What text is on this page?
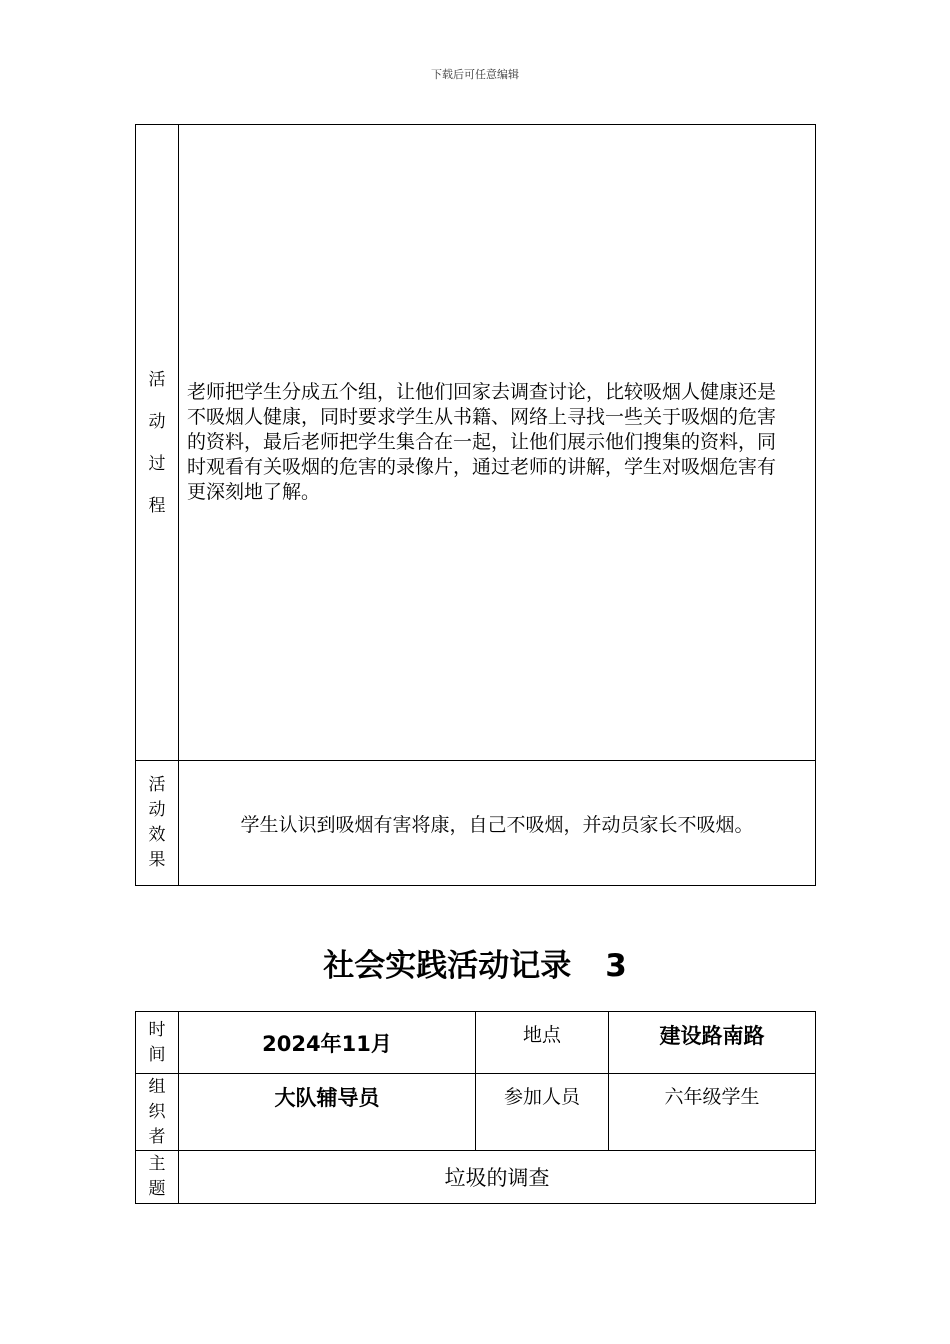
下载后可任意编辑
活
动
过
程	老师把学生分成五个组，让他们回家去调查讨论，比较吸烟人健康还是不吸烟人健康，同时要求学生从书籍、网络上寻找一些关于吸烟的危害的资料，最后老师把学生集合在一起，让他们展示他们搜集的资料，同时观看有关吸烟的危害的录像片，通过老师的讲解，学生对吸烟危害有更深刻地了解。

活
动
效
果	学生认识到吸烟有害将康，自己不吸烟，并动员家长不吸烟。
社会实践活动记录 3
时
间	2024年11月	地点	建设路南路

组
织
者	大队辅导员	参加人员	六年级学生

主
题	垃圾的调查		
